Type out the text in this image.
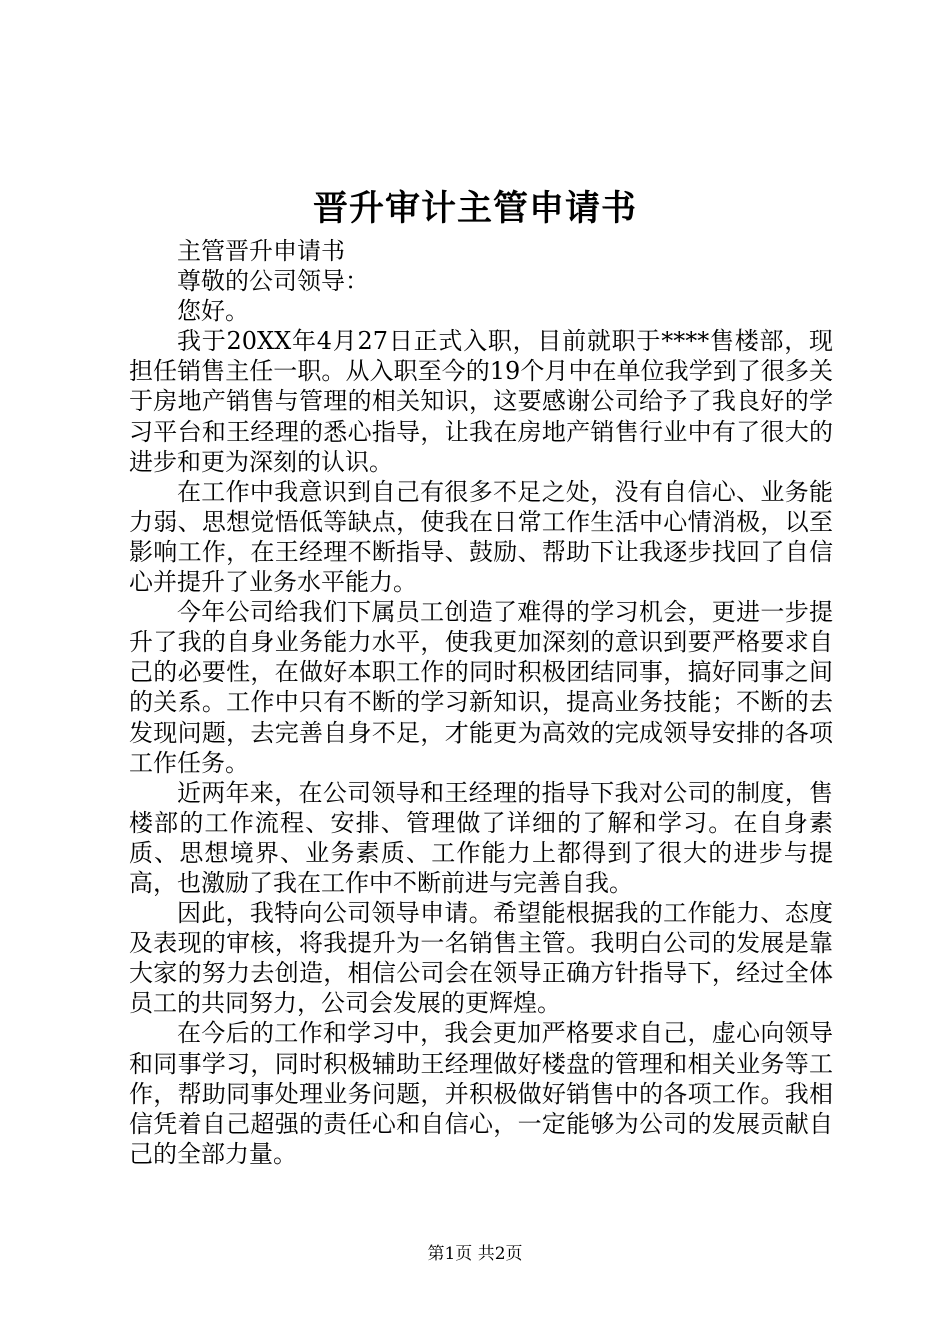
晋升审计主管申请书

主管晋升申请书

尊敬的公司领导：

您好。

我于20XX年4月27日正式入职，目前就职于****售楼部，现担任销售主任一职。从入职至今的19个月中在单位我学到了很多关于房地产销售与管理的相关知识，这要感谢公司给予了我良好的学习平台和王经理的悉心指导，让我在房地产销售行业中有了很大的进步和更为深刻的认识。

在工作中我意识到自己有很多不足之处，没有自信心、业务能力弱、思想觉悟低等缺点，使我在日常工作生活中心情消极，以至影响工作，在王经理不断指导、鼓励、帮助下让我逐步找回了自信心并提升了业务水平能力。

今年公司给我们下属员工创造了难得的学习机会，更进一步提升了我的自身业务能力水平，使我更加深刻的意识到要严格要求自己的必要性，在做好本职工作的同时积极团结同事，搞好同事之间的关系。工作中只有不断的学习新知识，提高业务技能；不断的去发现问题，去完善自身不足，才能更为高效的完成领导安排的各项工作任务。

近两年来，在公司领导和王经理的指导下我对公司的制度，售楼部的工作流程、安排、管理做了详细的了解和学习。在自身素质、思想境界、业务素质、工作能力上都得到了很大的进步与提高，也激励了我在工作中不断前进与完善自我。

因此，我特向公司领导申请。希望能根据我的工作能力、态度及表现的审核，将我提升为一名销售主管。我明白公司的发展是靠大家的努力去创造，相信公司会在领导正确方针指导下，经过全体员工的共同努力，公司会发展的更辉煌。

在今后的工作和学习中，我会更加严格要求自己，虚心向领导和同事学习，同时积极辅助王经理做好楼盘的管理和相关业务等工作，帮助同事处理业务问题，并积极做好销售中的各项工作。我相信凭着自己超强的责任心和自信心，一定能够为公司的发展贡献自己的全部力量。

第1页 共2页
